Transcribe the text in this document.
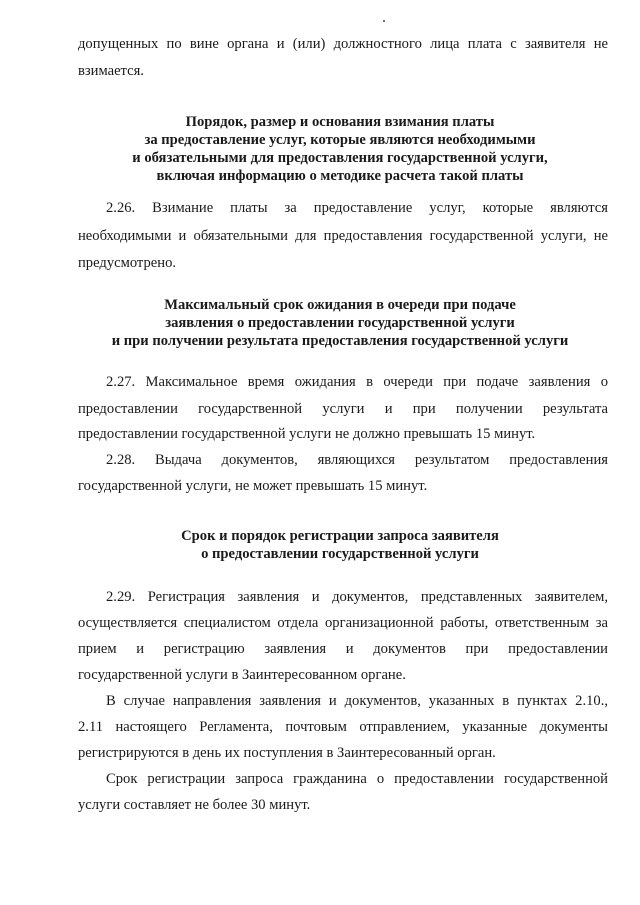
допущенных по вине органа и (или) должностного лица плата с заявителя не
взимается.
Порядок, размер и основания взимания платы
за предоставление услуг, которые являются необходимыми
и обязательными для предоставления государственной услуги,
включая информацию о методике расчета такой платы
2.26. Взимание платы за предоставление услуг, которые являются
необходимыми и обязательными для предоставления государственной услуги, не
предусмотрено.
Максимальный срок ожидания в очереди при подаче
заявления о предоставлении государственной услуги
и при получении результата предоставления государственной услуги
2.27. Максимальное время ожидания в очереди при подаче заявления о
предоставлении государственной услуги и при получении результата
предоставлении государственной услуги не должно превышать 15 минут.
2.28. Выдача документов, являющихся результатом предоставления
государственной услуги, не может превышать 15 минут.
Срок и порядок регистрации запроса заявителя
о предоставлении государственной услуги
2.29. Регистрация заявления и документов, представленных заявителем,
осуществляется специалистом отдела организационной работы, ответственным за
прием и регистрацию заявления и документов при предоставлении
государственной услуги в Заинтересованном органе.
В случае направления заявления и документов, указанных в пунктах 2.10.,
2.11 настоящего Регламента, почтовым отправлением, указанные документы
регистрируются в день их поступления в Заинтересованный орган.
Срок регистрации запроса гражданина о предоставлении государственной
услуги составляет не более 30 минут.
